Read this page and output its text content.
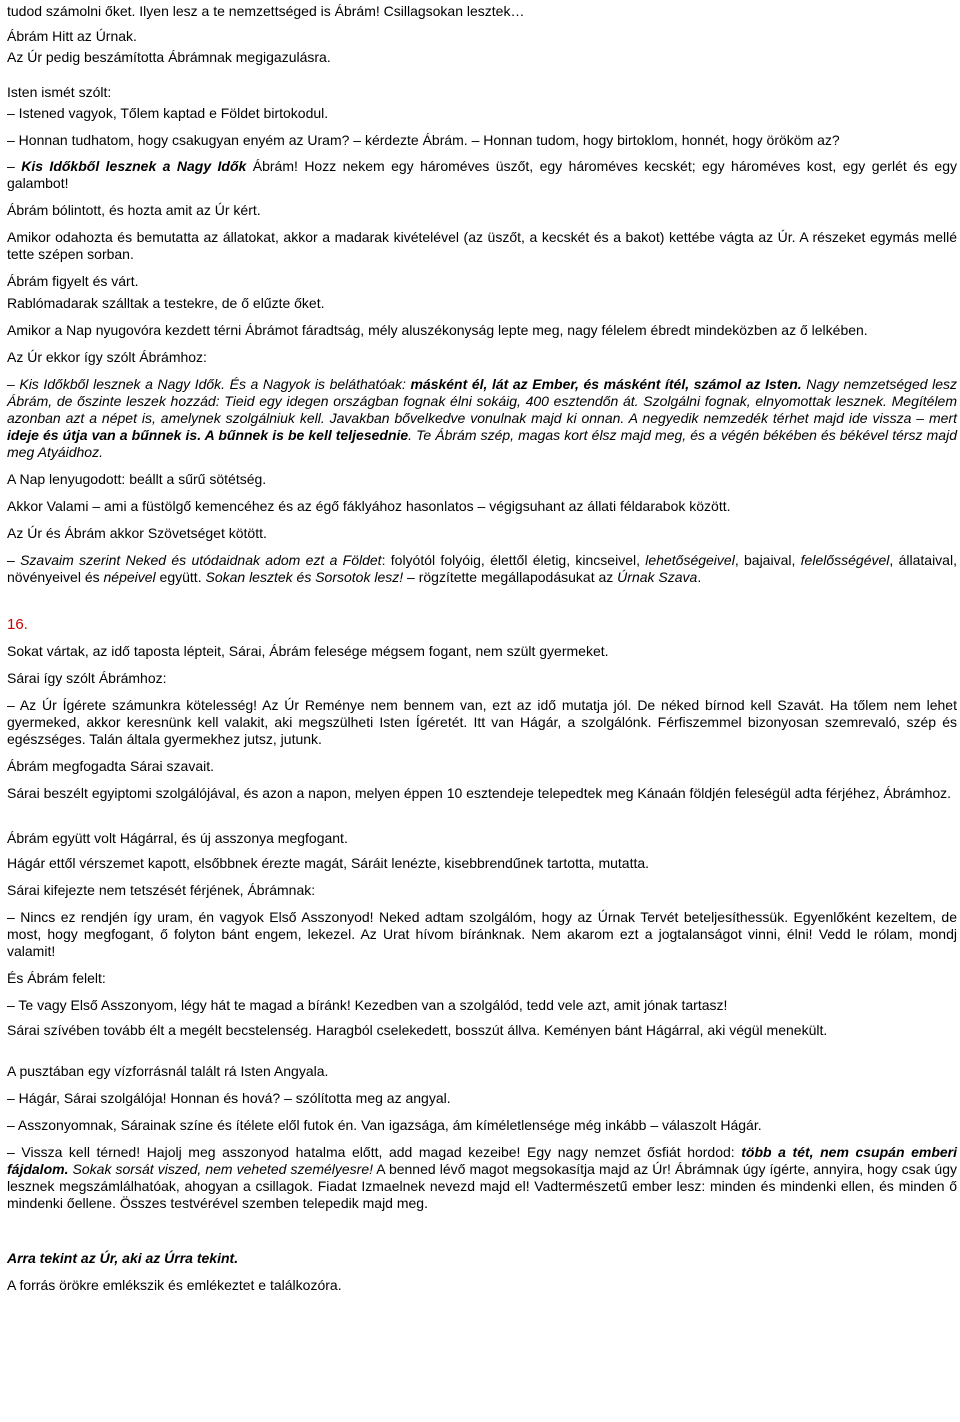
tudod számolni őket. Ilyen lesz a te nemzettséged is Ábrám! Csillagsokan lesztek…

Ábrám Hitt az Úrnak.

Az Úr pedig beszámította Ábrámnak megigazulásra.

Isten ismét szólt:

– Istened vagyok, Tőlem kaptad e Földet birtokodul.

– Honnan tudhatom, hogy csakugyan enyém az Uram? – kérdezte Ábrám. – Honnan tudom, hogy birtoklom, honnét, hogy örököm az?

– Kis Időkből lesznek a Nagy Idők Ábrám! Hozz nekem egy hároméves üszőt, egy hároméves kecskét; egy hároméves kost, egy gerlét és egy galambot!

Ábrám bólintott, és hozta amit az Úr kért.

Amikor odahozta és bemutatta az állatokat, akkor a madarak kivételével (az üszőt, a kecskét és a bakot) kettébe vágta az Úr. A részeket egymás mellé tette szépen sorban.

Ábrám figyelt és várt.

Rablómadarak szálltak a testekre, de ő elűzte őket.

Amikor a Nap nyugovóra kezdett térni Ábrámot fáradtság, mély aluszékonyság lepte meg, nagy félelem ébredt mindeközben az ő lelkében.

Az Úr ekkor így szólt Ábrámhoz:

– Kis Időkből lesznek a Nagy Idők. És a Nagyok is beláthatóak: másként él, lát az Ember, és másként ítél, számol az Isten. Nagy nemzetséged lesz Ábrám, de őszinte leszek hozzád: Tieid egy idegen országban fognak élni sokáig, 400 esztendőn át. Szolgálni fognak, elnyomottak lesznek. Megítélem azonban azt a népet is, amelynek szolgálniuk kell. Javakban bővelkedve vonulnak majd ki onnan. A negyedik nemzedék térhet majd ide vissza – mert ideje és útja van a bűnnek is. A bűnnek is be kell teljesednie. Te Ábrám szép, magas kort élsz majd meg, és a végén békében és békével térsz majd meg Atyáidhoz.

A Nap lenyugodott: beállt a sűrű sötétség.

Akkor Valami – ami a füstölgő kemencéhez és az égő fáklyához hasonlatos – végigsuhant az állati féldarabok között.

Az Úr és Ábrám akkor Szövetséget kötött.

– Szavaim szerint Neked és utódaidnak adom ezt a Földet: folyótól folyóig, élettől életig, kincseivel, lehetőségeivel, bajaival, felelősségével, állataival, növényeivel és népeivel együtt. Sokan lesztek és Sorsotok lesz! – rögzítette megállapodásukat az Úrnak Szava.

16.

Sokat vártak, az idő taposta lépteit, Sárai, Ábrám felesége mégsem fogant, nem szült gyermeket.

Sárai így szólt Ábrámhoz:

– Az Úr Ígérete számunkra kötelesség! Az Úr Reménye nem bennem van, ezt az idő mutatja jól. De néked bírnod kell Szavát. Ha tőlem nem lehet gyermeked, akkor keresnünk kell valakit, aki megszülheti Isten Ígéretét. Itt van Hágár, a szolgálónk. Férfiszemmel bizonyosan szemrevaló, szép és egészséges. Talán általa gyermekhez jutsz, jutunk.

Ábrám megfogadta Sárai szavait.

Sárai beszélt egyiptomi szolgálójával, és azon a napon, melyen éppen 10 esztendeje telepedtek meg Kánaán földjén feleségül adta férjéhez, Ábrámhoz.

Ábrám együtt volt Hágárral, és új asszonya megfogant.

Hágár ettől vérszemet kapott, elsőbbnek érezte magát, Sáráit lenézte, kisebbrendűnek tartotta, mutatta.

Sárai kifejezte nem tetszését férjének, Ábrámnak:

– Nincs ez rendjén így uram, én vagyok Első Asszonyod! Neked adtam szolgálóm, hogy az Úrnak Tervét beteljesíthessük. Egyenlőként kezeltem, de most, hogy megfogant, ő folyton bánt engem, lekezel. Az Urat hívom bíránknak. Nem akarom ezt a jogtalanságot vinni, élni! Vedd le rólam, mondj valamit!

És Ábrám felelt:

– Te vagy Első Asszonyom, légy hát te magad a bíránk! Kezedben van a szolgálód, tedd vele azt, amit jónak tartasz!

Sárai szívében tovább élt a megélt becstelenség. Haragból cselekedett, bosszút állva. Keményen bánt Hágárral, aki végül menekült.

A pusztában egy vízforrásnál talált rá Isten Angyala.

– Hágár, Sárai szolgálója! Honnan és hová? – szólította meg az angyal.

– Asszonyomnak, Sárainak színe és ítélete elől futok én. Van igazsága, ám kíméletlensége még inkább – válaszolt Hágár.

– Vissza kell térned! Hajolj meg asszonyod hatalma előtt, add magad kezeibe! Egy nagy nemzet ősfiát hordod: több a tét, nem csupán emberi fájdalom. Sokak sorsát viszed, nem veheted személyesre! A benned lévő magot megsokasítja majd az Úr! Ábrámnak úgy ígérte, annyira, hogy csak úgy lesznek megszámlálhatóak, ahogyan a csillagok. Fiadat Izmaelnek nevezd majd el! Vadtermészetű ember lesz: minden és mindenki ellen, és minden ő mindenki őellene. Összes testvérével szemben telepedik majd meg.

Arra tekint az Úr, aki az Úrra tekint.

A forrás örökre emlékszik és emlékeztet e találkozóra.
